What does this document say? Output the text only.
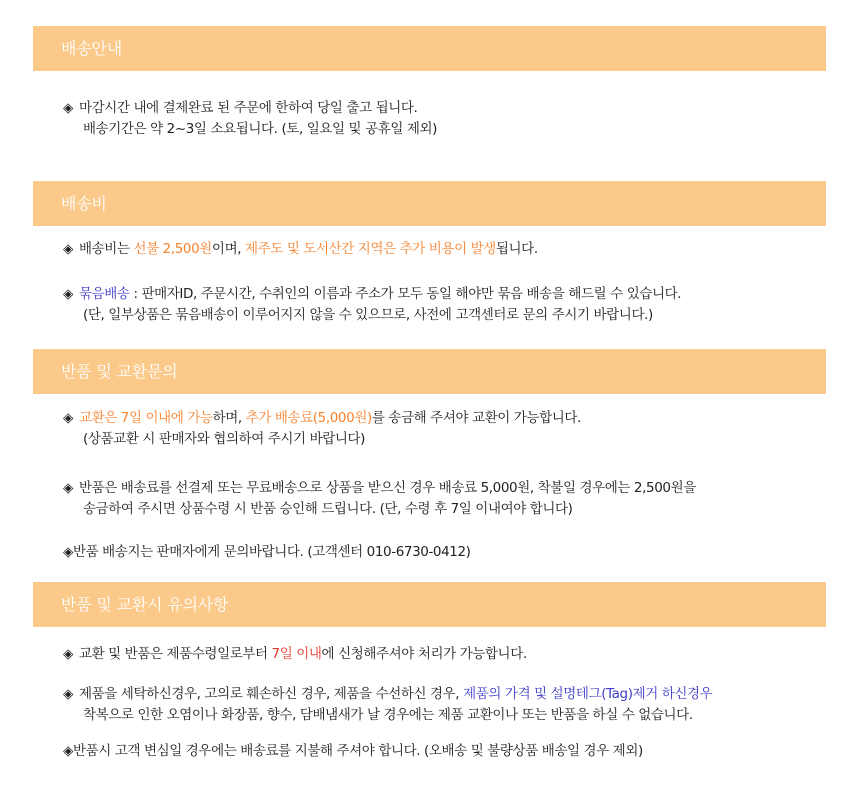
배송안내
◈ 마감시간 내에 결제완료 된 주문에 한하여 당일 출고 됩니다.
배송기간은 약 2~3일 소요됩니다. (토, 일요일 및 공휴일 제외)
배송비
◈ 배송비는 선불 2,500원이며, 제주도 및 도서산간 지역은 추가 비용이 발생됩니다.
◈ 묶음배송 : 판매자ID, 주문시간, 수취인의 이름과 주소가 모두 동일 해야만 묶음 배송을 해드릴 수 있습니다.
(단, 일부상품은 묶음배송이 이루어지지 않을 수 있으므로, 사전에 고객센터로 문의 주시기 바랍니다.)
반품 및 교환문의
◈ 교환은 7일 이내에 가능하며, 추가 배송료(5,000원)를 송금해 주셔야 교환이 가능합니다.
(상품교환 시 판매자와 협의하여 주시기 바랍니다)
◈ 반품은 배송료를 선결제 또는 무료배송으로 상품을 받으신 경우 배송료 5,000원, 착불일 경우에는 2,500원을
송금하여 주시면 상품수령 시 반품 승인해 드립니다. (단, 수령 후 7일 이내여야 합니다)
◈반품 배송지는 판매자에게 문의바랍니다. (고객센터 010-6730-0412)
반품 및 교환시 유의사항
◈ 교환 및 반품은 제품수령일로부터 7일 이내에 신청해주셔야 처리가 가능합니다.
◈ 제품을 세탁하신경우, 고의로 훼손하신 경우, 제품을 수선하신 경우, 제품의 가격 및 설명테그(Tag)제거 하신경우
착복으로 인한 오염이나 화장품, 향수, 담배냄새가 날 경우에는 제품 교환이나 또는 반품을 하실 수 없습니다.
◈반품시 고객 변심일 경우에는 배송료를 지불해 주셔야 합니다. (오배송 및 불량상품 배송일 경우 제외)
